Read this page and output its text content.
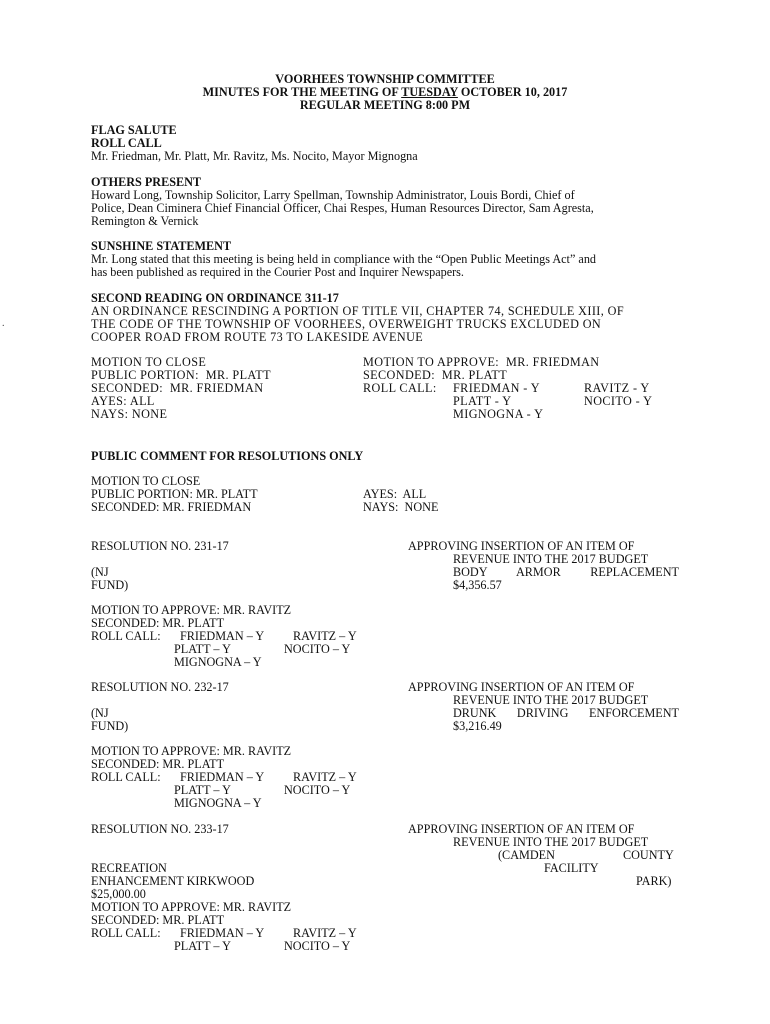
VOORHEES TOWNSHIP COMMITTEE
MINUTES FOR THE MEETING OF TUESDAY OCTOBER 10, 2017
REGULAR MEETING 8:00 PM
FLAG SALUTE
ROLL CALL
Mr. Friedman, Mr. Platt, Mr. Ravitz, Ms. Nocito, Mayor Mignogna
OTHERS PRESENT
Howard Long, Township Solicitor, Larry Spellman, Township Administrator, Louis Bordi, Chief of
Police, Dean Ciminera Chief Financial Officer, Chai Respes, Human Resources Director, Sam Agresta,
Remington & Vernick
SUNSHINE STATEMENT
Mr. Long stated that this meeting is being held in compliance with the “Open Public Meetings Act” and
has been published as required in the Courier Post and Inquirer Newspapers.
SECOND READING ON ORDINANCE 311-17
AN ORDINANCE RESCINDING A PORTION OF TITLE VII, CHAPTER 74, SCHEDULE XIII, OF
THE CODE OF THE TOWNSHIP OF VOORHEES, OVERWEIGHT TRUCKS EXCLUDED ON
COOPER ROAD FROM ROUTE 73 TO LAKESIDE AVENUE
.
MOTION TO CLOSE
PUBLIC PORTION:  MR. PLATT
SECONDED:  MR. FRIEDMAN
AYES: ALL
NAYS: NONE
MOTION TO APPROVE:  MR. FRIEDMAN
SECONDED:  MR. PLATT
ROLL CALL: FRIEDMAN - Y	RAVITZ - Y
PLATT - Y	NOCITO - Y
MIGNOGNA - Y
PUBLIC COMMENT FOR RESOLUTIONS ONLY
MOTION TO CLOSE
PUBLIC PORTION: MR. PLATT
SECONDED: MR. FRIEDMAN
AYES:  ALL
NAYS:  NONE
RESOLUTION NO. 231-17	APPROVING INSERTION OF AN ITEM OF
REVENUE INTO THE 2017 BUDGET
BODY ARMOR REPLACEMENT
$4,356.57
(NJ
FUND)
MOTION TO APPROVE: MR. RAVITZ
SECONDED: MR. PLATT
ROLL CALL: FRIEDMAN – Y RAVITZ – Y
PLATT – Y	NOCITO – Y
MIGNOGNA – Y
RESOLUTION NO. 232-17	APPROVING INSERTION OF AN ITEM OF
REVENUE INTO THE 2017 BUDGET
DRUNK DRIVING ENFORCEMENT
$3,216.49
(NJ
FUND)
MOTION TO APPROVE: MR. RAVITZ
SECONDED: MR. PLATT
ROLL CALL: FRIEDMAN – Y RAVITZ – Y
PLATT – Y	NOCITO – Y
MIGNOGNA – Y
RESOLUTION NO. 233-17	APPROVING INSERTION OF AN ITEM OF
REVENUE INTO THE 2017 BUDGET
(CAMDEN	COUNTY
FACILITY
PARK)
RECREATION
ENHANCEMENT KIRKWOOD
$25,000.00
MOTION TO APPROVE: MR. RAVITZ
SECONDED: MR. PLATT
ROLL CALL: FRIEDMAN – Y RAVITZ – Y
PLATT – Y	NOCITO – Y
